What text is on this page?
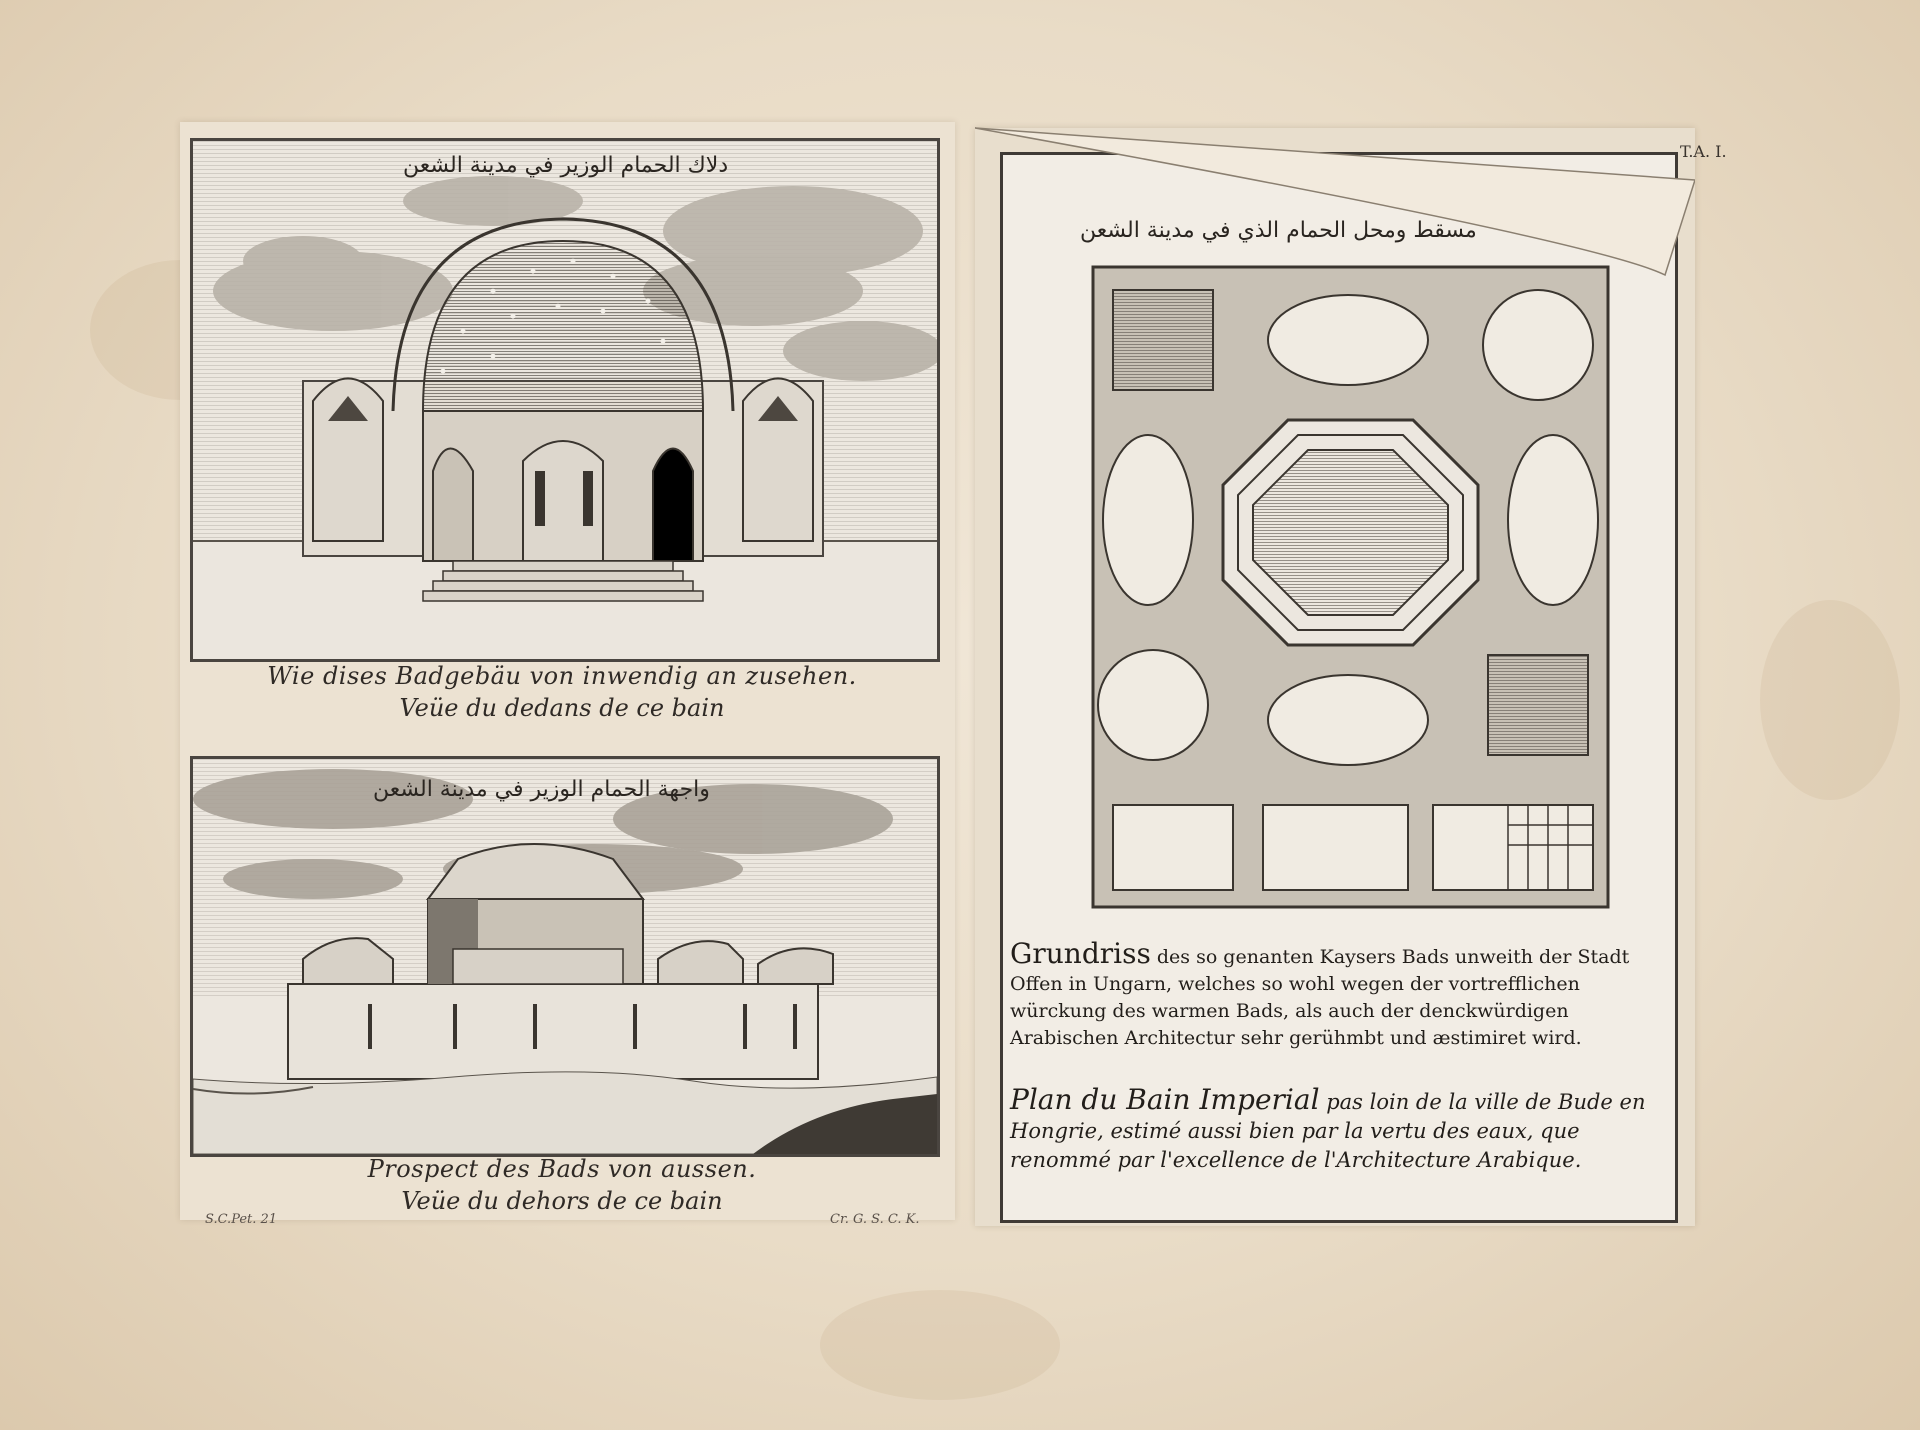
دلاك الحمام الوزير في مدينة الشعن
Wie dises Badgebäu von inwendig an zusehen.
Veüe du dedans de ce bain
واجهة الحمام الوزير في مدينة الشعن
Prospect des Bads von aussen.
Veüe du dehors de ce bain
S.C.Pet. 21	Cr. G. S. C. K.
T.A. I.
مسقط ومحل الحمام الذي في مدينة الشعن
Grundriss des so genanten Kaysers Bads unweith der Stadt Offen in Ungarn, welches so wohl wegen der vortrefflichen würckung des warmen Bads, als auch der denckwürdigen Arabischen Architectur sehr gerühmbt und æstimiret wird.
Plan du Bain Imperial pas loin de la ville de Bude en Hongrie, estimé aussi bien par la vertu des eaux, que renommé par l'excellence de l'Architecture Arabique.
